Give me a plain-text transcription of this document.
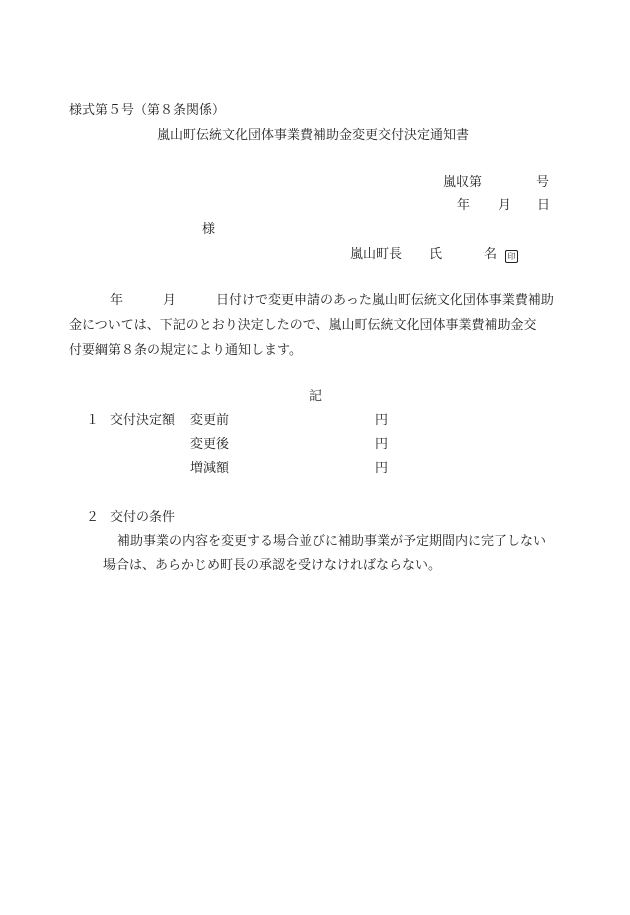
様式第５号（第８条関係）
嵐山町伝統文化団体事業費補助金変更交付決定通知書
嵐収第	号
年 月 日
様
嵐山町長 氏	名 印
年	月	日付けで変更申請のあった嵐山町伝統文化団体事業費補助
金については、下記のとおり決定したので、嵐山町伝統文化団体事業費補助金交
付要綱第８条の規定により通知します。
記
１ 交付決定額 変更前	円
変更後	円
増減額	円
２ 交付の条件
補助事業の内容を変更する場合並びに補助事業が予定期間内に完了しない
場合は、あらかじめ町長の承認を受けなければならない。
